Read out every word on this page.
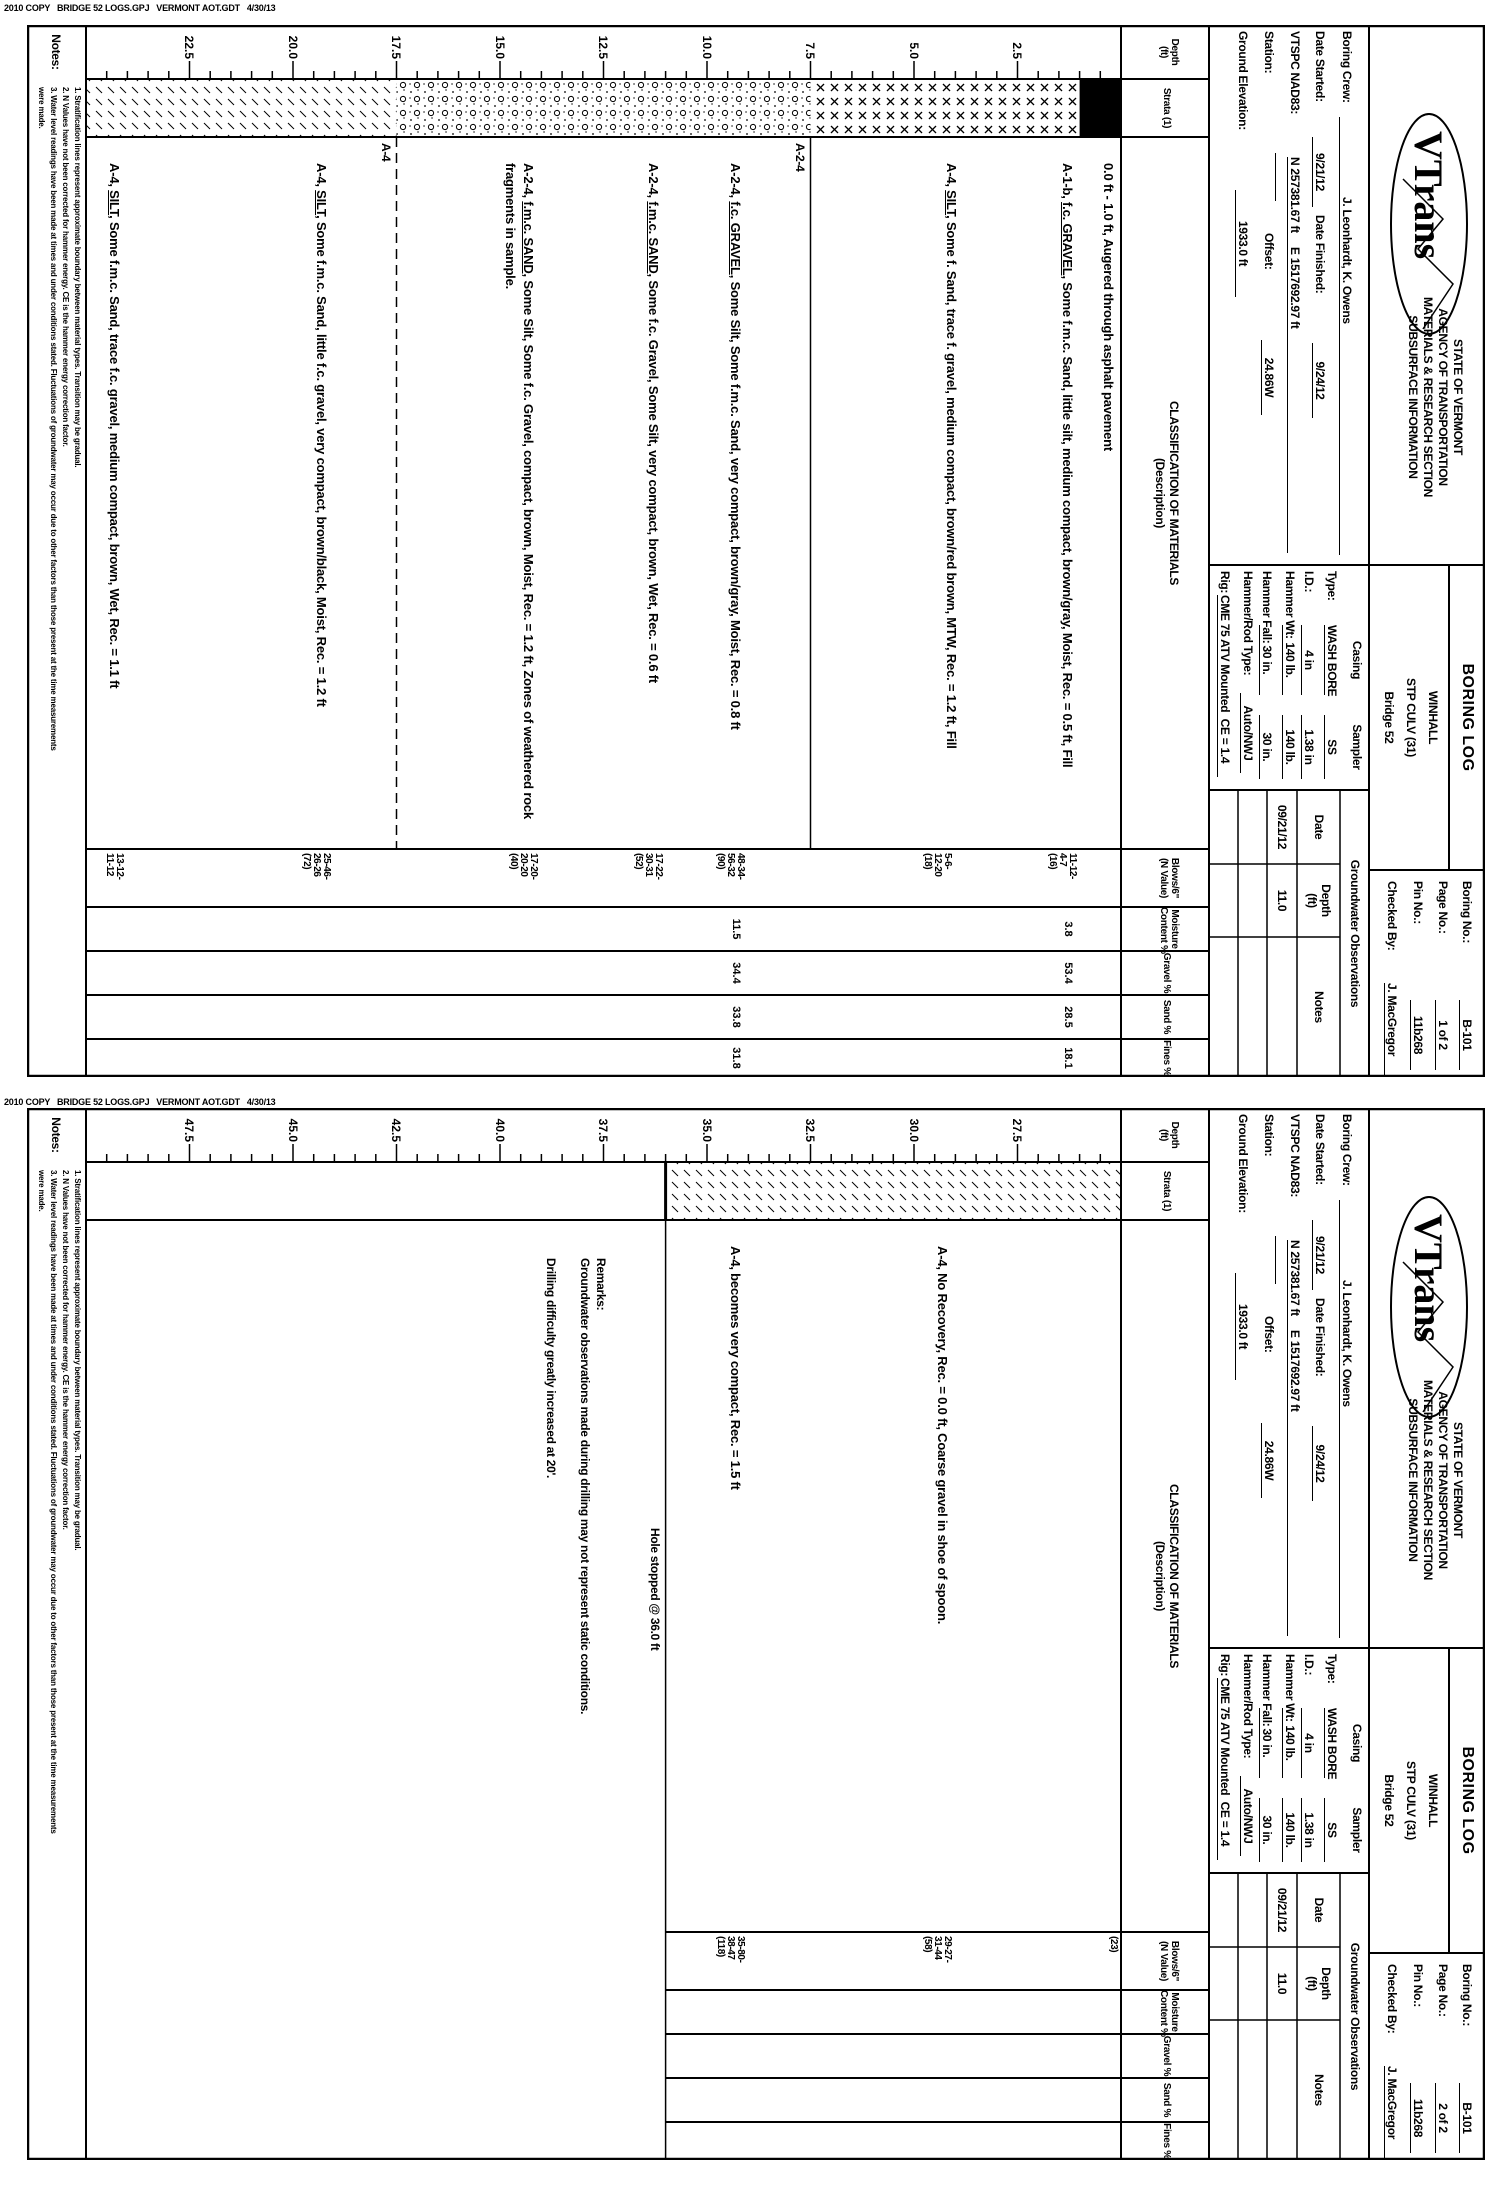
2010 COPY   BRIDGE 52 LOGS.GPJ   VERMONT AOT.GDT   4/30/13
2.5
5.0
7.5
10.0
12.5
15.0
17.5
20.0
22.5
A-2-4
A-4	VTrans
STATE OF VERMONT
AGENCY OF TRANSPORTATION
MATERIALS & RESEARCH SECTION
SUBSURFACE INFORMATION
BORING LOG
WINHALL
STP CULV (31)
Bridge 52
Boring No.:
B-101
Page No.:
1 of 2
Pin No.:
11b268
Checked By:
J. MacGregor
Boring Crew:
J. Leonhardt, K. Owens
Date Started:
9/21/12
Date Finished:
9/24/12
VTSPC NAD83:
N 257381.67 ft
E 1517692.97 ft
Station:
Offset:
24.86W
Ground Elevation:
1933.0 ft
Casing
Sampler
Type:
WASH BORE
SS
I.D.:
4 in
1.38 in
Hammer Wt:
140 lb.
140 lb.
Hammer Fall:
30 in.
30 in.
Hammer/Rod Type:
Auto/NWJ
Rig:
CME 75 ATV Mounted
CE = 1.4
Groundwater Observations
Date
Depth
(ft)
Notes
09/21/12
11.0
Depth
(ft)
Strata (1)
CLASSIFICATION OF MATERIALS
(Description)
Blows/6"
(N Value)
Moisture
Content %
Gravel %
Sand %
Fines %
0.0 ft - 1.0 ft, Augered through asphalt pavement
A-1-b, f.c. GRAVEL, Some f.m.c. Sand, little silt, medium compact, brown/gray, Moist, Rec. = 0.5 ft, Fill
A-4, SILT, Some f. Sand, trace f. gravel, medium compact, brown/red brown, MTW, Rec. = 1.2 ft, Fill
A-2-4, f.c. GRAVEL, Some Silt, Some f.m.c. Sand, very compact, brown/gray, Moist, Rec. = 0.8 ft
A-2-4, f.m.c. SAND, Some f.c. Gravel, Some Silt, very compact, brown, Wet, Rec. = 0.6 ft
A-2-4, f.m.c. SAND, Some Silt, Some f.c. Gravel, compact, brown, Moist, Rec. = 1.2 ft, Zones of weathered rock fragments in sample.
A-4, SILT, Some f.m.c. Sand, little f.c. gravel, very compact, brown/black, Moist, Rec. = 1.2 ft
A-4, SILT, Some f.m.c. Sand, trace f.c. gravel, medium compact, brown, Wet, Rec. = 1.1 ft
11-12-
4-7
(16)
3.8
53.4
28.5
18.1
5-6-
12-20
(18)
48-34-
56-32
(90)
11.5
34.4
33.8
31.8
17-22-
30-31
(52)
17-20-
20-20
(40)
25-46-
26-26
(72)
13-12-
11-12
Notes:
1. Stratification lines represent approximate boundary between material types. Transition may be gradual.
2. N Values have not been corrected for hammer energy. CE is the hammer energy correction factor.
3. Water level readings have been made at times and under conditions stated. Fluctuations of groundwater may occur due to other factors than those present at the time measurements
were made.
2010 COPY   BRIDGE 52 LOGS.GPJ   VERMONT AOT.GDT   4/30/13
27.5
30.0
32.5
35.0
37.5
40.0
42.5
45.0
47.5
VTrans
STATE OF VERMONT
AGENCY OF TRANSPORTATION
MATERIALS & RESEARCH SECTION
SUBSURFACE INFORMATION
BORING LOG
WINHALL
STP CULV (31)
Bridge 52
Boring No.:
B-101
Page No.:
2 of 2
Pin No.:
11b268
Checked By:
J. MacGregor
Boring Crew:
J. Leonhardt, K. Owens
Date Started:
9/21/12
Date Finished:
9/24/12
VTSPC NAD83:
N 257381.67 ft
E 1517692.97 ft
Station:
Offset:
24.86W
Ground Elevation:
1933.0 ft
Casing
Sampler
Type:
WASH BORE
SS
I.D.:
4 in
1.38 in
Hammer Wt:
140 lb.
140 lb.
Hammer Fall:
30 in.
30 in.
Hammer/Rod Type:
Auto/NWJ
Rig:
CME 75 ATV Mounted
CE = 1.4
Groundwater Observations
Date
Depth
(ft)
Notes
09/21/12
11.0
Depth
(ft)
Strata (1)
CLASSIFICATION OF MATERIALS
(Description)
Blows/6"
(N Value)
Moisture
Content %
Gravel %
Sand %
Fines %
A-4, No Recovery, Rec. = 0.0 ft, Coarse gravel in shoe of spoon.
A-4, becomes very compact, Rec. = 1.5 ft
Hole stopped @ 36.0 ft
Remarks:
Groundwater observations made during drilling may not represent static conditions.
Drilling difficulty greatly increased at 20'.
(23)
29-27-
31-44
(58)
35-80-
38-47
(118)
Notes:
1. Stratification lines represent approximate boundary between material types. Transition may be gradual.
2. N Values have not been corrected for hammer energy. CE is the hammer energy correction factor.
3. Water level readings have been made at times and under conditions stated. Fluctuations of groundwater may occur due to other factors than those present at the time measurements
were made.
